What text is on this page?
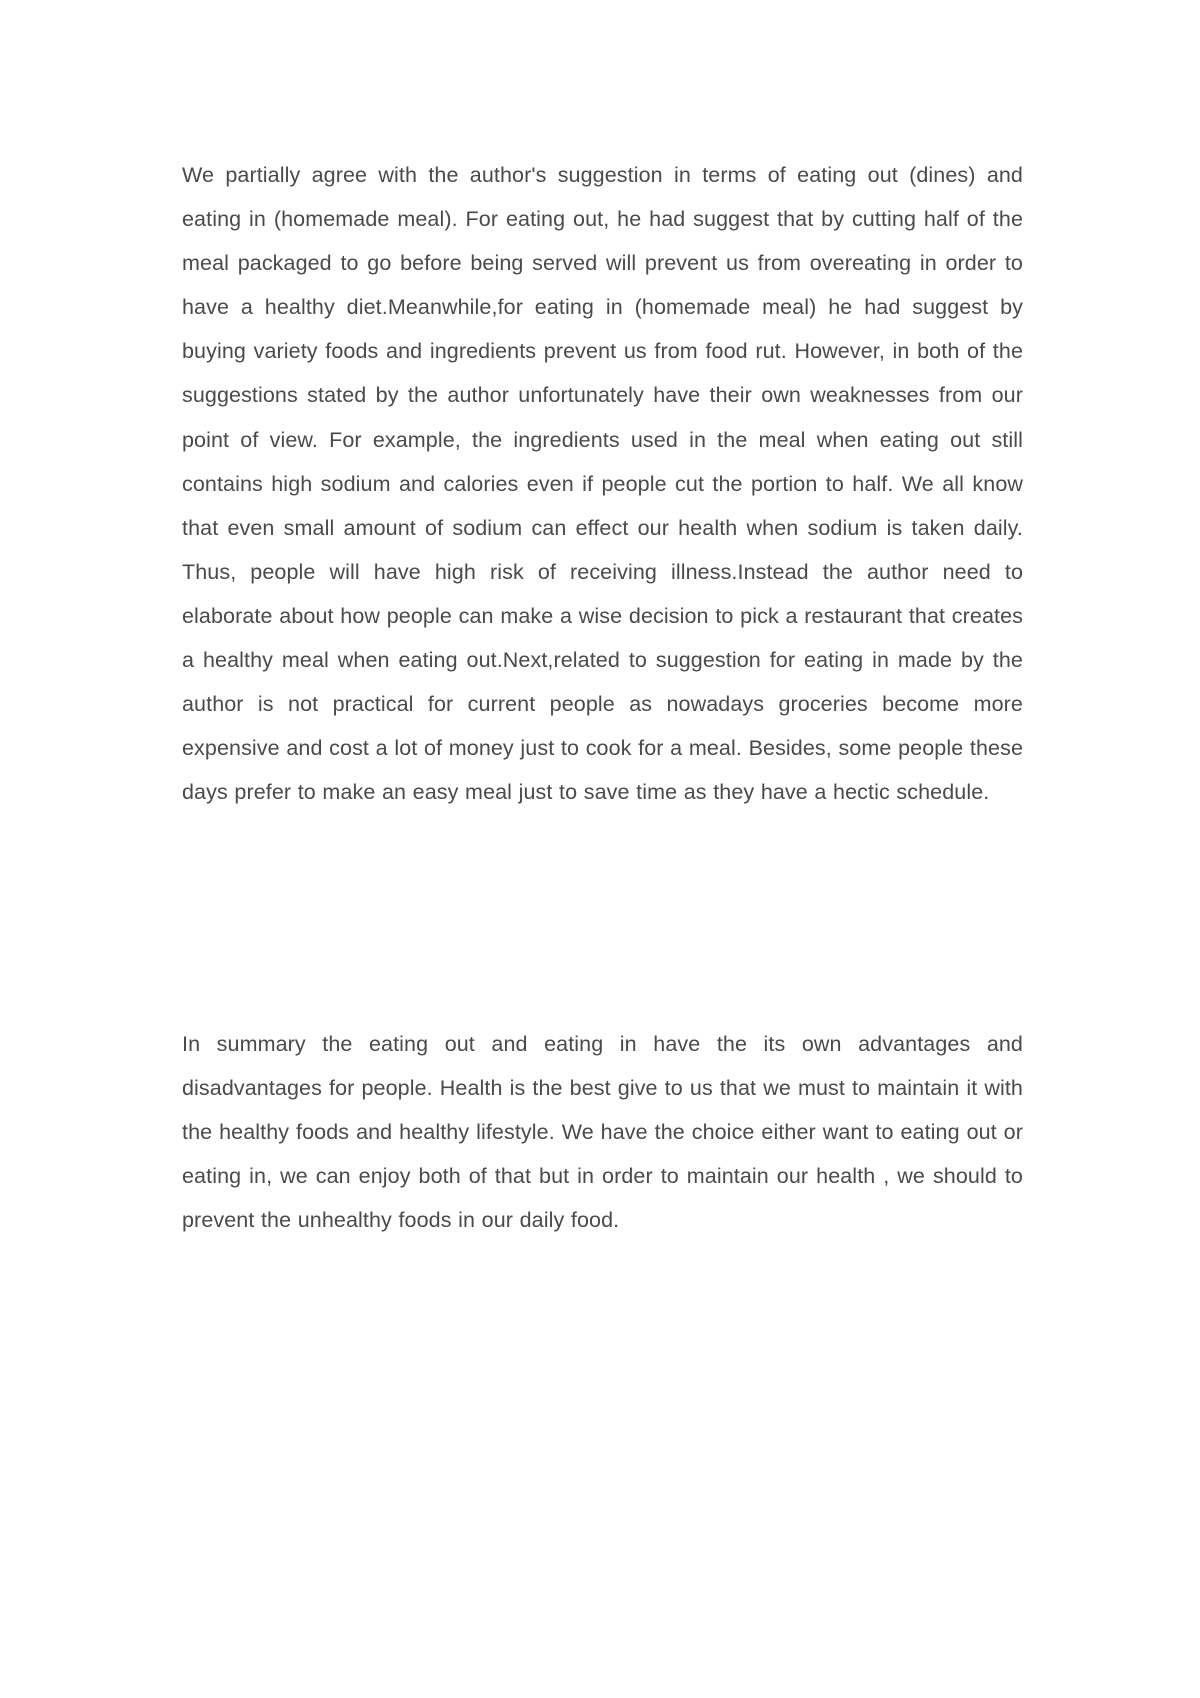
We partially agree with the author's suggestion in terms of eating out (dines) and eating in (homemade meal). For eating out, he had suggest that by cutting half of the meal packaged to go before being served will prevent us from overeating in order to have a healthy diet.Meanwhile,for eating in (homemade meal) he had suggest by buying variety foods and ingredients prevent us from food rut. However, in both of the suggestions stated by the author unfortunately have their own weaknesses from our point of view. For example, the ingredients used in the meal when eating out still contains high sodium and calories even if people cut the portion to half. We all know that even small amount of sodium can effect our health when sodium is taken daily. Thus, people will have high risk of receiving illness.Instead the author need to elaborate about how people can make a wise decision to pick a restaurant that creates a healthy meal when eating out.Next,related to suggestion for eating in made by the author is not practical for current people as nowadays groceries become more expensive and cost a lot of money just to cook for a meal. Besides, some people these days prefer to make an easy meal just to save time as they have a hectic schedule.

In summary the eating out and eating in have the its own advantages and disadvantages for people. Health is the best give to us that we must to maintain it with the healthy foods and healthy lifestyle. We have the choice either want to eating out or eating in, we can enjoy both of that but in order to maintain our health , we should to prevent the unhealthy foods in our daily food.
